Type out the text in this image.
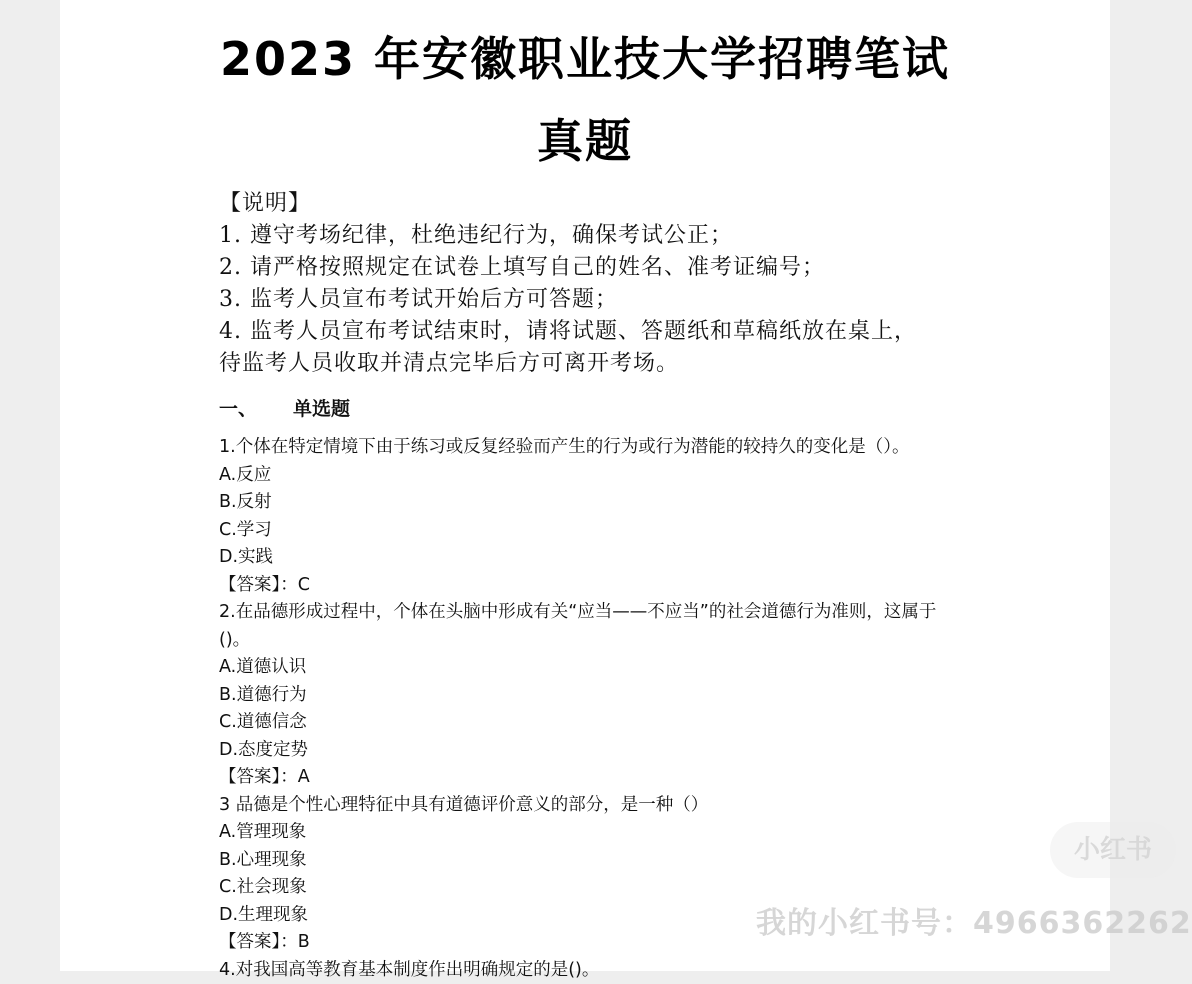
2023 年安徽职业技大学招聘笔试
真题
【说明】
1. 遵守考场纪律，杜绝违纪行为，确保考试公正；
2. 请严格按照规定在试卷上填写自己的姓名、准考证编号；
3. 监考人员宣布考试开始后方可答题；
4. 监考人员宣布考试结束时，请将试题、答题纸和草稿纸放在桌上，
待监考人员收取并清点完毕后方可离开考场。
一、 单选题
1.个体在特定情境下由于练习或反复经验而产生的行为或行为潜能的较持久的变化是（）。
A.反应
B.反射
C.学习
D.实践
【答案】：C
2.在品德形成过程中，个体在头脑中形成有关“应当——不应当”的社会道德行为准则，这属于()。
A.道德认识
B.道德行为
C.道德信念
D.态度定势
【答案】：A
3 品德是个性心理特征中具有道德评价意义的部分，是一种（）
A.管理现象
B.心理现象
C.社会现象
D.生理现象
【答案】：B
4.对我国高等教育基本制度作出明确规定的是()。
小红书
我的小红书号：4966362262
